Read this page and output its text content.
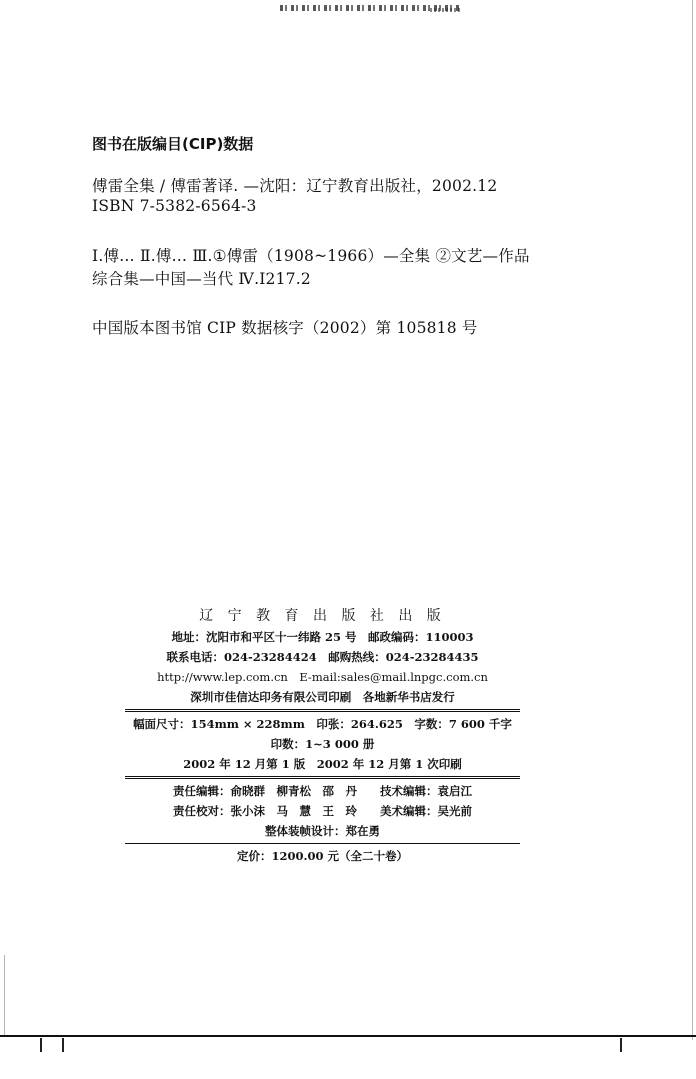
图书在版编目(CIP)数据
傅雷全集 / 傅雷著译. —沈阳：辽宁教育出版社，2002.12
ISBN 7-5382-6564-3
Ⅰ.傅… Ⅱ.傅… Ⅲ.①傅雷（1908~1966）—全集 ②文艺—作品
综合集—中国—当代 Ⅳ.I217.2
中国版本图书馆 CIP 数据核字（2002）第 105818 号
辽 宁 教 育 出 版 社 出 版
地址：沈阳市和平区十一纬路 25 号　邮政编码：110003
联系电话：024-23284424　邮购热线：024-23284435
http://www.lep.com.cn　E-mail:sales@mail.lnpgc.com.cn
深圳市佳信达印务有限公司印刷　各地新华书店发行
幅面尺寸：154mm × 228mm　印张：264.625　字数：7 600 千字
印数：1~3 000 册
2002 年 12 月第 1 版　2002 年 12 月第 1 次印刷
责任编辑：俞晓群　柳青松　邵　丹　　技术编辑：袁启江
责任校对：张小沫　马　慧　王　玲　　美术编辑：吴光前
整体装帧设计：郑在勇
定价：1200.00 元（全二十卷）
